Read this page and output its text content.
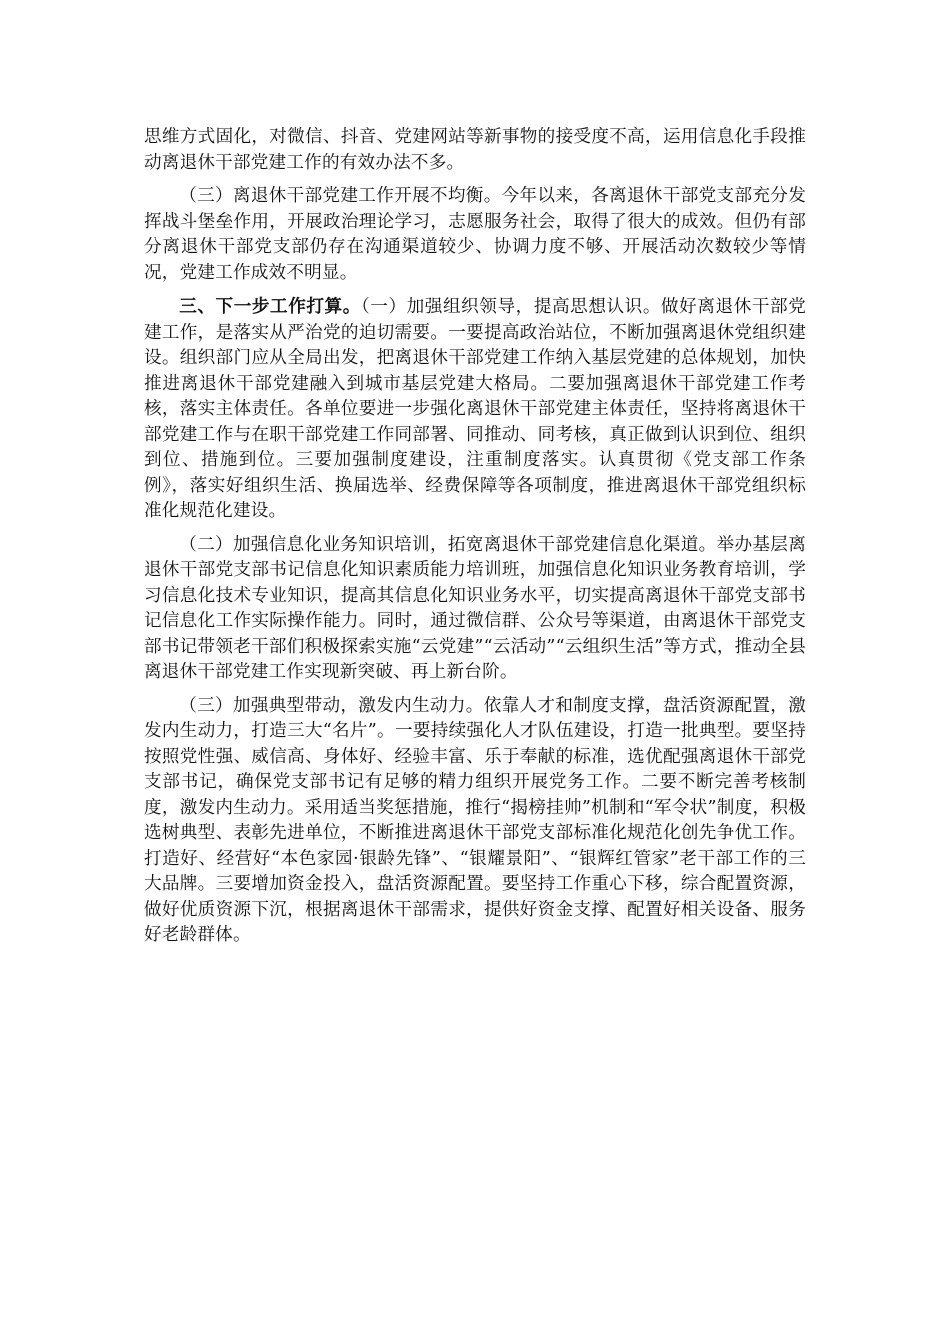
思维方式固化，对微信、抖音、党建网站等新事物的接受度不高，运用信息化手段推动离退休干部党建工作的有效办法不多。

（三）离退休干部党建工作开展不均衡。今年以来，各离退休干部党支部充分发挥战斗堡垒作用，开展政治理论学习，志愿服务社会，取得了很大的成效。但仍有部分离退休干部党支部仍存在沟通渠道较少、协调力度不够、开展活动次数较少等情况，党建工作成效不明显。

三、下一步工作打算。（一）加强组织领导，提高思想认识。做好离退休干部党建工作，是落实从严治党的迫切需要。一要提高政治站位，不断加强离退休党组织建设。组织部门应从全局出发，把离退休干部党建工作纳入基层党建的总体规划，加快推进离退休干部党建融入到城市基层党建大格局。二要加强离退休干部党建工作考核，落实主体责任。各单位要进一步强化离退休干部党建主体责任，坚持将离退休干部党建工作与在职干部党建工作同部署、同推动、同考核，真正做到认识到位、组织到位、措施到位。三要加强制度建设，注重制度落实。认真贯彻《党支部工作条例》，落实好组织生活、换届选举、经费保障等各项制度，推进离退休干部党组织标准化规范化建设。

（二）加强信息化业务知识培训，拓宽离退休干部党建信息化渠道。举办基层离退休干部党支部书记信息化知识素质能力培训班，加强信息化知识业务教育培训，学习信息化技术专业知识，提高其信息化知识业务水平，切实提高离退休干部党支部书记信息化工作实际操作能力。同时，通过微信群、公众号等渠道，由离退休干部党支部书记带领老干部们积极探索实施“云党建”“云活动”“云组织生活”等方式，推动全县离退休干部党建工作实现新突破、再上新台阶。

（三）加强典型带动，激发内生动力。依靠人才和制度支撑，盘活资源配置，激发内生动力，打造三大“名片”。一要持续强化人才队伍建设，打造一批典型。要坚持按照党性强、威信高、身体好、经验丰富、乐于奉献的标准，选优配强离退休干部党支部书记，确保党支部书记有足够的精力组织开展党务工作。二要不断完善考核制度，激发内生动力。采用适当奖惩措施，推行“揭榜挂帅”机制和“军令状”制度，积极选树典型、表彰先进单位，不断推进离退休干部党支部标准化规范化创先争优工作。打造好、经营好“本色家园·银龄先锋”、“银耀景阳”、“银辉红管家”老干部工作的三大品牌。三要增加资金投入，盘活资源配置。要坚持工作重心下移，综合配置资源，做好优质资源下沉，根据离退休干部需求，提供好资金支撑、配置好相关设备、服务好老龄群体。
